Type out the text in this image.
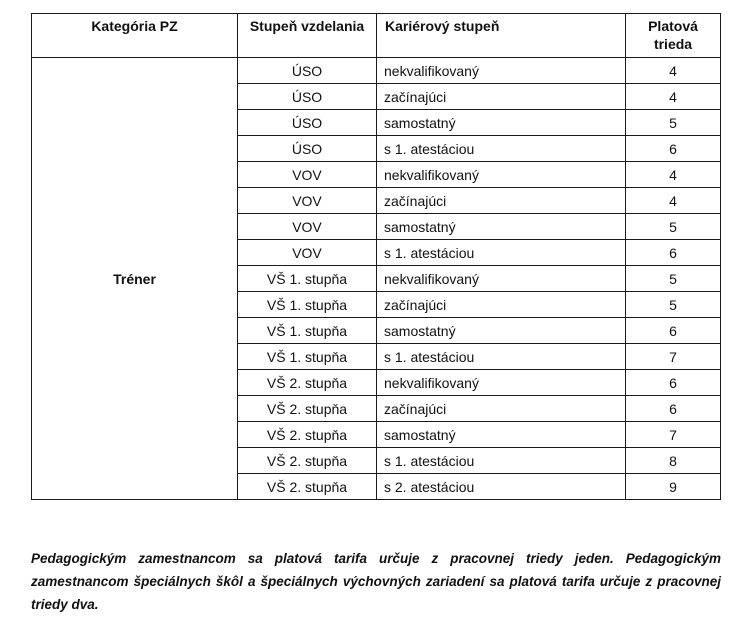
Kategória PZ	Stupeň vzdelania	Kariérový stupeň	Platová
trieda
Tréner	ÚSO	nekvalifikovaný	4
	ÚSO	začínajúci	4
	ÚSO	samostatný	5
	ÚSO	s 1. atestáciou	6
	VOV	nekvalifikovaný	4
	VOV	začínajúci	4
	VOV	samostatný	5
	VOV	s 1. atestáciou	6
	VŠ 1. stupňa	nekvalifikovaný	5
	VŠ 1. stupňa	začínajúci	5
	VŠ 1. stupňa	samostatný	6
	VŠ 1. stupňa	s 1. atestáciou	7
	VŠ 2. stupňa	nekvalifikovaný	6
	VŠ 2. stupňa	začínajúci	6
	VŠ 2. stupňa	samostatný	7
	VŠ 2. stupňa	s 1. atestáciou	8
	VŠ 2. stupňa	s 2. atestáciou	9

Pedagogickým zamestnancom sa platová tarifa určuje z pracovnej triedy jeden. Pedagogickým zamestnancom špeciálnych škôl a špeciálnych výchovných zariadení sa platová tarifa určuje z pracovnej triedy dva.
